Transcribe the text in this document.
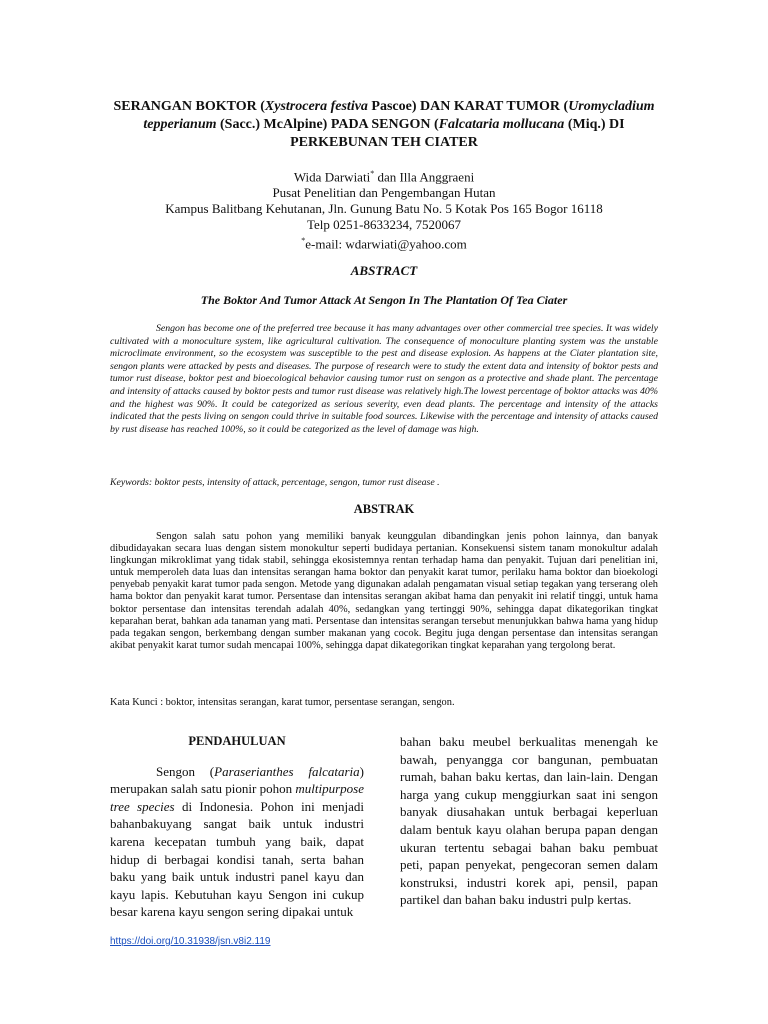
SERANGAN BOKTOR (Xystrocera festiva Pascoe) DAN KARAT TUMOR (Uromycladium tepperianum (Sacc.) McAlpine) PADA SENGON (Falcataria mollucana (Miq.) DI PERKEBUNAN TEH CIATER
Wida Darwiati* dan Illa Anggraeni
Pusat Penelitian dan Pengembangan Hutan
Kampus Balitbang Kehutanan, Jln. Gunung Batu No. 5 Kotak Pos 165 Bogor 16118
Telp 0251-8633234, 7520067
*e-mail: wdarwiati@yahoo.com
ABSTRACT
The Boktor And Tumor Attack At Sengon In The Plantation Of Tea Ciater
Sengon has become one of the preferred tree because it has many advantages over other commercial tree species. It was widely cultivated with a monoculture system, like agricultural cultivation. The consequence of monoculture planting system was the unstable microclimate environment, so the ecosystem was susceptible to the pest and disease explosion. As happens at the Ciater plantation site, sengon plants were attacked by pests and diseases. The purpose of research were to study the extent data and intensity of boktor pests and tumor rust disease, boktor pest and bioecological behavior causing tumor rust on sengon as a protective and shade plant. The percentage and intensity of attacks caused by boktor pests and tumor rust disease was relatively high.The lowest percentage of boktor attacks was 40% and the highest was 90%. It could be categorized as serious severity, even dead plants. The percentage and intensity of the attacks indicated that the pests living on sengon could thrive in suitable food sources. Likewise with the percentage and intensity of attacks caused by rust disease has reached 100%, so it could be categorized as the level of damage was high.
Keywords: boktor pests, intensity of attack, percentage, sengon, tumor rust disease .
ABSTRAK
Sengon salah satu pohon yang memiliki banyak keunggulan dibandingkan jenis pohon lainnya, dan banyak dibudidayakan secara luas dengan sistem monokultur seperti budidaya pertanian. Konsekuensi sistem tanam monokultur adalah lingkungan mikroklimat yang tidak stabil, sehingga ekosistemnya rentan terhadap hama dan penyakit. Tujuan dari penelitian ini, untuk memperoleh data luas dan intensitas serangan hama boktor dan penyakit karat tumor, perilaku hama boktor dan bioekologi penyebab penyakit karat tumor pada sengon. Metode yang digunakan adalah pengamatan visual setiap tegakan yang terserang oleh hama boktor dan penyakit karat tumor. Persentase dan intensitas serangan akibat hama dan penyakit ini relatif tinggi, untuk hama boktor persentase dan intensitas terendah adalah 40%, sedangkan yang tertinggi 90%, sehingga dapat dikategorikan tingkat keparahan berat, bahkan ada tanaman yang mati. Persentase dan intensitas serangan tersebut menunjukkan bahwa hama yang hidup pada tegakan sengon, berkembang dengan sumber makanan yang cocok. Begitu juga dengan persentase dan intensitas serangan akibat penyakit karat tumor sudah mencapai 100%, sehingga dapat dikategorikan tingkat keparahan yang tergolong berat.
Kata Kunci : boktor, intensitas serangan, karat tumor, persentase serangan, sengon.
PENDAHULUAN
Sengon (Paraserianthes falcataria) merupakan salah satu pionir pohon multipurpose tree species di Indonesia. Pohon ini menjadi bahanbakuyang sangat baik untuk industri karena kecepatan tumbuh yang baik, dapat hidup di berbagai kondisi tanah, serta bahan baku yang baik untuk industri panel kayu dan kayu lapis. Kebutuhan kayu Sengon ini cukup besar karena kayu sengon sering dipakai untuk
bahan baku meubel berkualitas menengah ke bawah, penyangga cor bangunan, pembuatan rumah, bahan baku kertas, dan lain-lain. Dengan harga yang cukup menggiurkan saat ini sengon banyak diusahakan untuk berbagai keperluan dalam bentuk kayu olahan berupa papan dengan ukuran tertentu sebagai bahan baku pembuat peti, papan penyekat, pengecoran semen dalam konstruksi, industri korek api, pensil, papan partikel dan bahan baku industri pulp kertas.
https://doi.org/10.31938/jsn.v8i2.119
